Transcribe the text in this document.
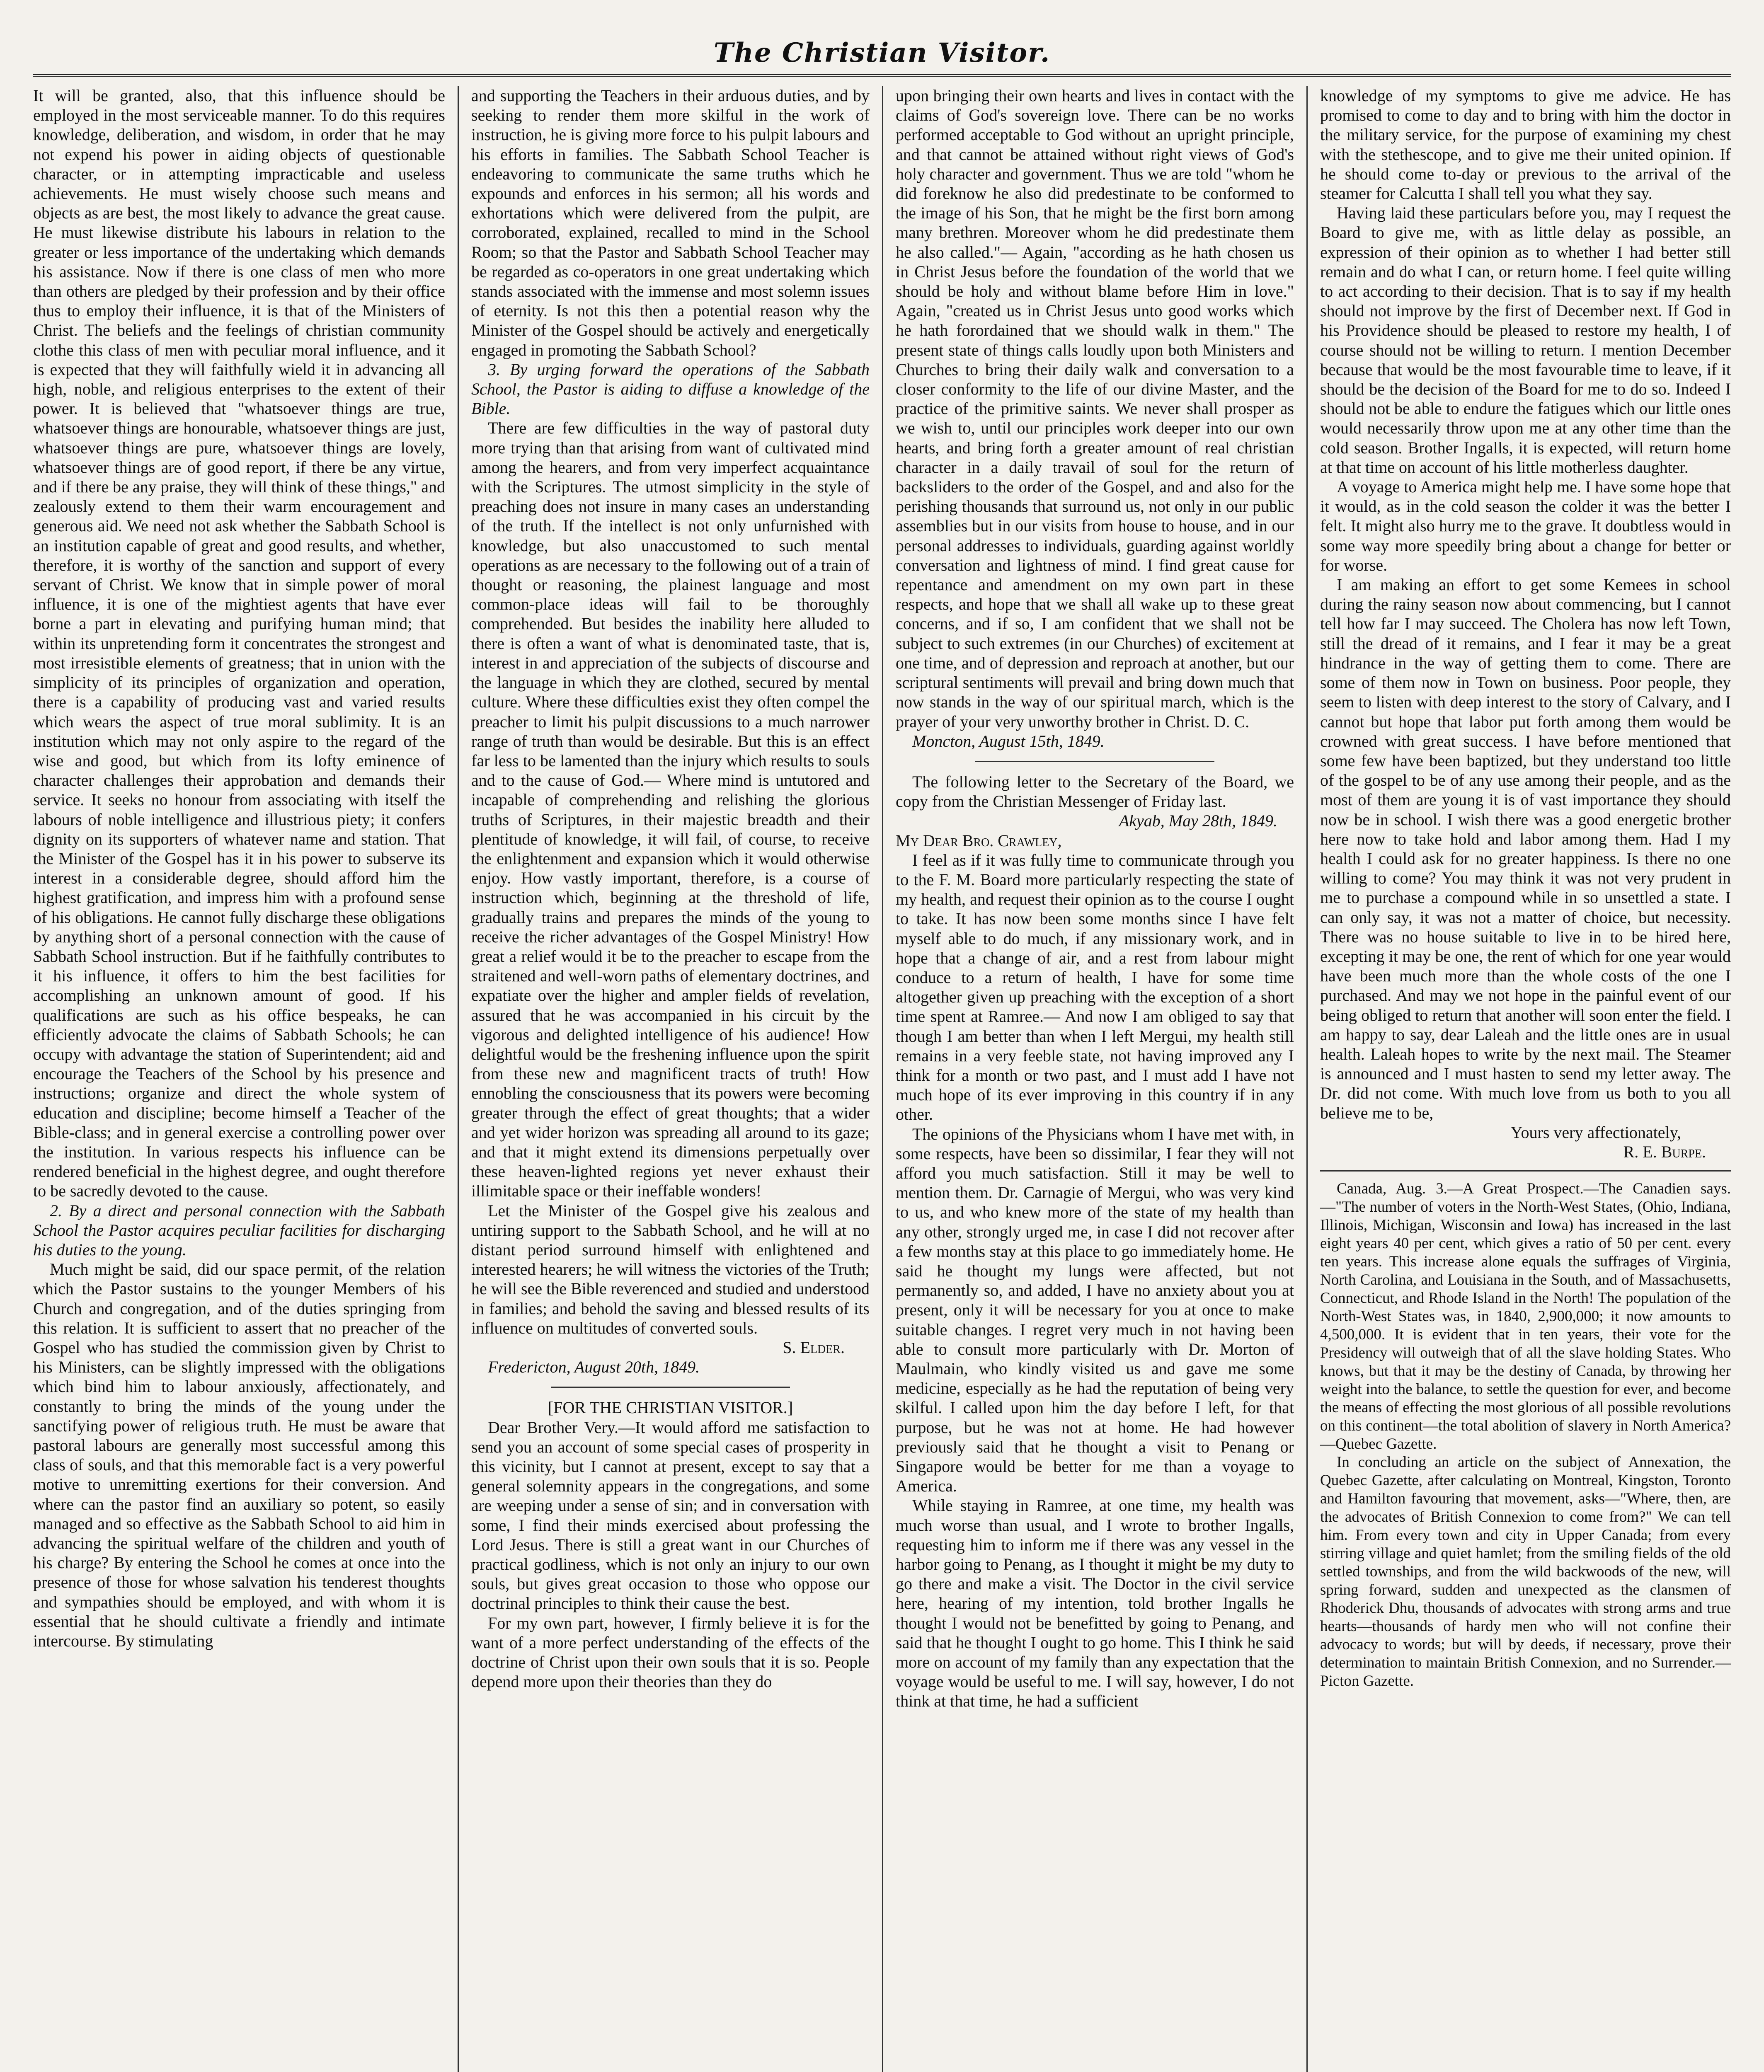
The Christian Visitor.

It will be granted, also, that this influence should be employed in the most serviceable manner. To do this requires knowledge, deliberation, and wisdom, in order that he may not expend his power in aiding objects of questionable character, or in attempting impracticable and useless achievements. He must wisely choose such means and objects as are best, the most likely to advance the great cause. He must likewise distribute his labours in relation to the greater or less importance of the undertaking which demands his assistance. Now if there is one class of men who more than others are pledged by their profession and by their office thus to employ their influence, it is that of the Ministers of Christ. The beliefs and the feelings of christian community clothe this class of men with peculiar moral influence, and it is expected that they will faithfully wield it in advancing all high, noble, and religious enterprises to the extent of their power. It is believed that "whatsoever things are true, whatsoever things are honourable, whatsoever things are just, whatsoever things are pure, whatsoever things are lovely, whatsoever things are of good report, if there be any virtue, and if there be any praise, they will think of these things," and zealously extend to them their warm encouragement and generous aid. We need not ask whether the Sabbath School is an institution capable of great and good results, and whether, therefore, it is worthy of the sanction and support of every servant of Christ. We know that in simple power of moral influence, it is one of the mightiest agents that have ever borne a part in elevating and purifying human mind; that within its unpretending form it concentrates the strongest and most irresistible elements of greatness; that in union with the simplicity of its principles of organization and operation, there is a capability of producing vast and varied results which wears the aspect of true moral sublimity. It is an institution which may not only aspire to the regard of the wise and good, but which from its lofty eminence of character challenges their approbation and demands their service. It seeks no honour from associating with itself the labours of noble intelligence and illustrious piety; it confers dignity on its supporters of whatever name and station. That the Minister of the Gospel has it in his power to subserve its interest in a considerable degree, should afford him the highest gratification, and impress him with a profound sense of his obligations. He cannot fully discharge these obligations by anything short of a personal connection with the cause of Sabbath School instruction. But if he faithfully contributes to it his influence, it offers to him the best facilities for accomplishing an unknown amount of good. If his qualifications are such as his office bespeaks, he can efficiently advocate the claims of Sabbath Schools; he can occupy with advantage the station of Superintendent; aid and encourage the Teachers of the School by his presence and instructions; organize and direct the whole system of education and discipline; become himself a Teacher of the Bible-class; and in general exercise a controlling power over the institution. In various respects his influence can be rendered beneficial in the highest degree, and ought therefore to be sacredly devoted to the cause.

2. By a direct and personal connection with the Sabbath School the Pastor acquires peculiar facilities for discharging his duties to the young.

Much might be said, did our space permit, of the relation which the Pastor sustains to the younger Members of his Church and congregation, and of the duties springing from this relation. It is sufficient to assert that no preacher of the Gospel who has studied the commission given by Christ to his Ministers, can be slightly impressed with the obligations which bind him to labour anxiously, affectionately, and constantly to bring the minds of the young under the sanctifying power of religious truth. He must be aware that pastoral labours are generally most successful among this class of souls, and that this memorable fact is a very powerful motive to unremitting exertions for their conversion. And where can the pastor find an auxiliary so potent, so easily managed and so effective as the Sabbath School to aid him in advancing the spiritual welfare of the children and youth of his charge? By entering the School he comes at once into the presence of those for whose salvation his tenderest thoughts and sympathies should be employed, and with whom it is essential that he should cultivate a friendly and intimate intercourse. By stimulating

and supporting the Teachers in their arduous duties, and by seeking to render them more skilful in the work of instruction, he is giving more force to his pulpit labours and his efforts in families. The Sabbath School Teacher is endeavoring to communicate the same truths which he expounds and enforces in his sermon; all his words and exhortations which were delivered from the pulpit, are corroborated, explained, recalled to mind in the School Room; so that the Pastor and Sabbath School Teacher may be regarded as co-operators in one great undertaking which stands associated with the immense and most solemn issues of eternity. Is not this then a potential reason why the Minister of the Gospel should be actively and energetically engaged in promoting the Sabbath School?

3. By urging forward the operations of the Sabbath School, the Pastor is aiding to diffuse a knowledge of the Bible.

There are few difficulties in the way of pastoral duty more trying than that arising from want of cultivated mind among the hearers, and from very imperfect acquaintance with the Scriptures. The utmost simplicity in the style of preaching does not insure in many cases an understanding of the truth. If the intellect is not only unfurnished with knowledge, but also unaccustomed to such mental operations as are necessary to the following out of a train of thought or reasoning, the plainest language and most common-place ideas will fail to be thoroughly comprehended. But besides the inability here alluded to there is often a want of what is denominated taste, that is, interest in and appreciation of the subjects of discourse and the language in which they are clothed, secured by mental culture. Where these difficulties exist they often compel the preacher to limit his pulpit discussions to a much narrower range of truth than would be desirable. But this is an effect far less to be lamented than the injury which results to souls and to the cause of God.— Where mind is untutored and incapable of comprehending and relishing the glorious truths of Scriptures, in their majestic breadth and their plentitude of knowledge, it will fail, of course, to receive the enlightenment and expansion which it would otherwise enjoy. How vastly important, therefore, is a course of instruction which, beginning at the threshold of life, gradually trains and prepares the minds of the young to receive the richer advantages of the Gospel Ministry! How great a relief would it be to the preacher to escape from the straitened and well-worn paths of elementary doctrines, and expatiate over the higher and ampler fields of revelation, assured that he was accompanied in his circuit by the vigorous and delighted intelligence of his audience! How delightful would be the freshening influence upon the spirit from these new and magnificent tracts of truth! How ennobling the consciousness that its powers were becoming greater through the effect of great thoughts; that a wider and yet wider horizon was spreading all around to its gaze; and that it might extend its dimensions perpetually over these heaven-lighted regions yet never exhaust their illimitable space or their ineffable wonders!

Let the Minister of the Gospel give his zealous and untiring support to the Sabbath School, and he will at no distant period surround himself with enlightened and interested hearers; he will witness the victories of the Truth; he will see the Bible reverenced and studied and understood in families; and behold the saving and blessed results of its influence on multitudes of converted souls.

S. Elder.

Fredericton, August 20th, 1849.

[FOR THE CHRISTIAN VISITOR.]

Dear Brother Very.—It would afford me satisfaction to send you an account of some special cases of prosperity in this vicinity, but I cannot at present, except to say that a general solemnity appears in the congregations, and some are weeping under a sense of sin; and in conversation with some, I find their minds exercised about professing the Lord Jesus. There is still a great want in our Churches of practical godliness, which is not only an injury to our own souls, but gives great occasion to those who oppose our doctrinal principles to think their cause the best.

For my own part, however, I firmly believe it is for the want of a more perfect understanding of the effects of the doctrine of Christ upon their own souls that it is so. People depend more upon their theories than they do

upon bringing their own hearts and lives in contact with the claims of God's sovereign love. There can be no works performed acceptable to God without an upright principle, and that cannot be attained without right views of God's holy character and government. Thus we are told "whom he did foreknow he also did predestinate to be conformed to the image of his Son, that he might be the first born among many brethren. Moreover whom he did predestinate them he also called."— Again, "according as he hath chosen us in Christ Jesus before the foundation of the world that we should be holy and without blame before Him in love." Again, "created us in Christ Jesus unto good works which he hath forordained that we should walk in them." The present state of things calls loudly upon both Ministers and Churches to bring their daily walk and conversation to a closer conformity to the life of our divine Master, and the practice of the primitive saints. We never shall prosper as we wish to, until our principles work deeper into our own hearts, and bring forth a greater amount of real christian character in a daily travail of soul for the return of backsliders to the order of the Gospel, and and also for the perishing thousands that surround us, not only in our public assemblies but in our visits from house to house, and in our personal addresses to individuals, guarding against worldly conversation and lightness of mind. I find great cause for repentance and amendment on my own part in these respects, and hope that we shall all wake up to these great concerns, and if so, I am confident that we shall not be subject to such extremes (in our Churches) of excitement at one time, and of depression and reproach at another, but our scriptural sentiments will prevail and bring down much that now stands in the way of our spiritual march, which is the prayer of your very unworthy brother in Christ. D. C.

Moncton, August 15th, 1849.

The following letter to the Secretary of the Board, we copy from the Christian Messenger of Friday last.

Akyab, May 28th, 1849.

My Dear Bro. Crawley,

I feel as if it was fully time to communicate through you to the F. M. Board more particularly respecting the state of my health, and request their opinion as to the course I ought to take. It has now been some months since I have felt myself able to do much, if any missionary work, and in hope that a change of air, and a rest from labour might conduce to a return of health, I have for some time altogether given up preaching with the exception of a short time spent at Ramree.— And now I am obliged to say that though I am better than when I left Mergui, my health still remains in a very feeble state, not having improved any I think for a month or two past, and I must add I have not much hope of its ever improving in this country if in any other.

The opinions of the Physicians whom I have met with, in some respects, have been so dissimilar, I fear they will not afford you much satisfaction. Still it may be well to mention them. Dr. Carnagie of Mergui, who was very kind to us, and who knew more of the state of my health than any other, strongly urged me, in case I did not recover after a few months stay at this place to go immediately home. He said he thought my lungs were affected, but not permanently so, and added, I have no anxiety about you at present, only it will be necessary for you at once to make suitable changes. I regret very much in not having been able to consult more particularly with Dr. Morton of Maulmain, who kindly visited us and gave me some medicine, especially as he had the reputation of being very skilful. I called upon him the day before I left, for that purpose, but he was not at home. He had however previously said that he thought a visit to Penang or Singapore would be better for me than a voyage to America.

While staying in Ramree, at one time, my health was much worse than usual, and I wrote to brother Ingalls, requesting him to inform me if there was any vessel in the harbor going to Penang, as I thought it might be my duty to go there and make a visit. The Doctor in the civil service here, hearing of my intention, told brother Ingalls he thought I would not be benefitted by going to Penang, and said that he thought I ought to go home. This I think he said more on account of my family than any expectation that the voyage would be useful to me. I will say, however, I do not think at that time, he had a sufficient

knowledge of my symptoms to give me advice. He has promised to come to day and to bring with him the doctor in the military service, for the purpose of examining my chest with the stethescope, and to give me their united opinion. If he should come to-day or previous to the arrival of the steamer for Calcutta I shall tell you what they say.

Having laid these particulars before you, may I request the Board to give me, with as little delay as possible, an expression of their opinion as to whether I had better still remain and do what I can, or return home. I feel quite willing to act according to their decision. That is to say if my health should not improve by the first of December next. If God in his Providence should be pleased to restore my health, I of course should not be willing to return. I mention December because that would be the most favourable time to leave, if it should be the decision of the Board for me to do so. Indeed I should not be able to endure the fatigues which our little ones would necessarily throw upon me at any other time than the cold season. Brother Ingalls, it is expected, will return home at that time on account of his little motherless daughter.

A voyage to America might help me. I have some hope that it would, as in the cold season the colder it was the better I felt. It might also hurry me to the grave. It doubtless would in some way more speedily bring about a change for better or for worse.

I am making an effort to get some Kemees in school during the rainy season now about commencing, but I cannot tell how far I may succeed. The Cholera has now left Town, still the dread of it remains, and I fear it may be a great hindrance in the way of getting them to come. There are some of them now in Town on business. Poor people, they seem to listen with deep interest to the story of Calvary, and I cannot but hope that labor put forth among them would be crowned with great success. I have before mentioned that some few have been baptized, but they understand too little of the gospel to be of any use among their people, and as the most of them are young it is of vast importance they should now be in school. I wish there was a good energetic brother here now to take hold and labor among them. Had I my health I could ask for no greater happiness. Is there no one willing to come? You may think it was not very prudent in me to purchase a compound while in so unsettled a state. I can only say, it was not a matter of choice, but necessity. There was no house suitable to live in to be hired here, excepting it may be one, the rent of which for one year would have been much more than the whole costs of the one I purchased. And may we not hope in the painful event of our being obliged to return that another will soon enter the field. I am happy to say, dear Laleah and the little ones are in usual health. Laleah hopes to write by the next mail. The Steamer is announced and I must hasten to send my letter away. The Dr. did not come. With much love from us both to you all believe me to be,

Yours very affectionately,

R. E. Burpe.

Canada, Aug. 3.—A Great Prospect.—The Canadien says.—"The number of voters in the North-West States, (Ohio, Indiana, Illinois, Michigan, Wisconsin and Iowa) has increased in the last eight years 40 per cent, which gives a ratio of 50 per cent. every ten years. This increase alone equals the suffrages of Virginia, North Carolina, and Louisiana in the South, and of Massachusetts, Connecticut, and Rhode Island in the North! The population of the North-West States was, in 1840, 2,900,000; it now amounts to 4,500,000. It is evident that in ten years, their vote for the Presidency will outweigh that of all the slave holding States. Who knows, but that it may be the destiny of Canada, by throwing her weight into the balance, to settle the question for ever, and become the means of effecting the most glorious of all possible revolutions on this continent—the total abolition of slavery in North America?—Quebec Gazette.

In concluding an article on the subject of Annexation, the Quebec Gazette, after calculating on Montreal, Kingston, Toronto and Hamilton favouring that movement, asks—"Where, then, are the advocates of British Connexion to come from?" We can tell him. From every town and city in Upper Canada; from every stirring village and quiet hamlet; from the smiling fields of the old settled townships, and from the wild backwoods of the new, will spring forward, sudden and unexpected as the clansmen of Rhoderick Dhu, thousands of advocates with strong arms and true hearts—thousands of hardy men who will not confine their advocacy to words; but will by deeds, if necessary, prove their determination to maintain British Connexion, and no Surrender.—Picton Gazette.
